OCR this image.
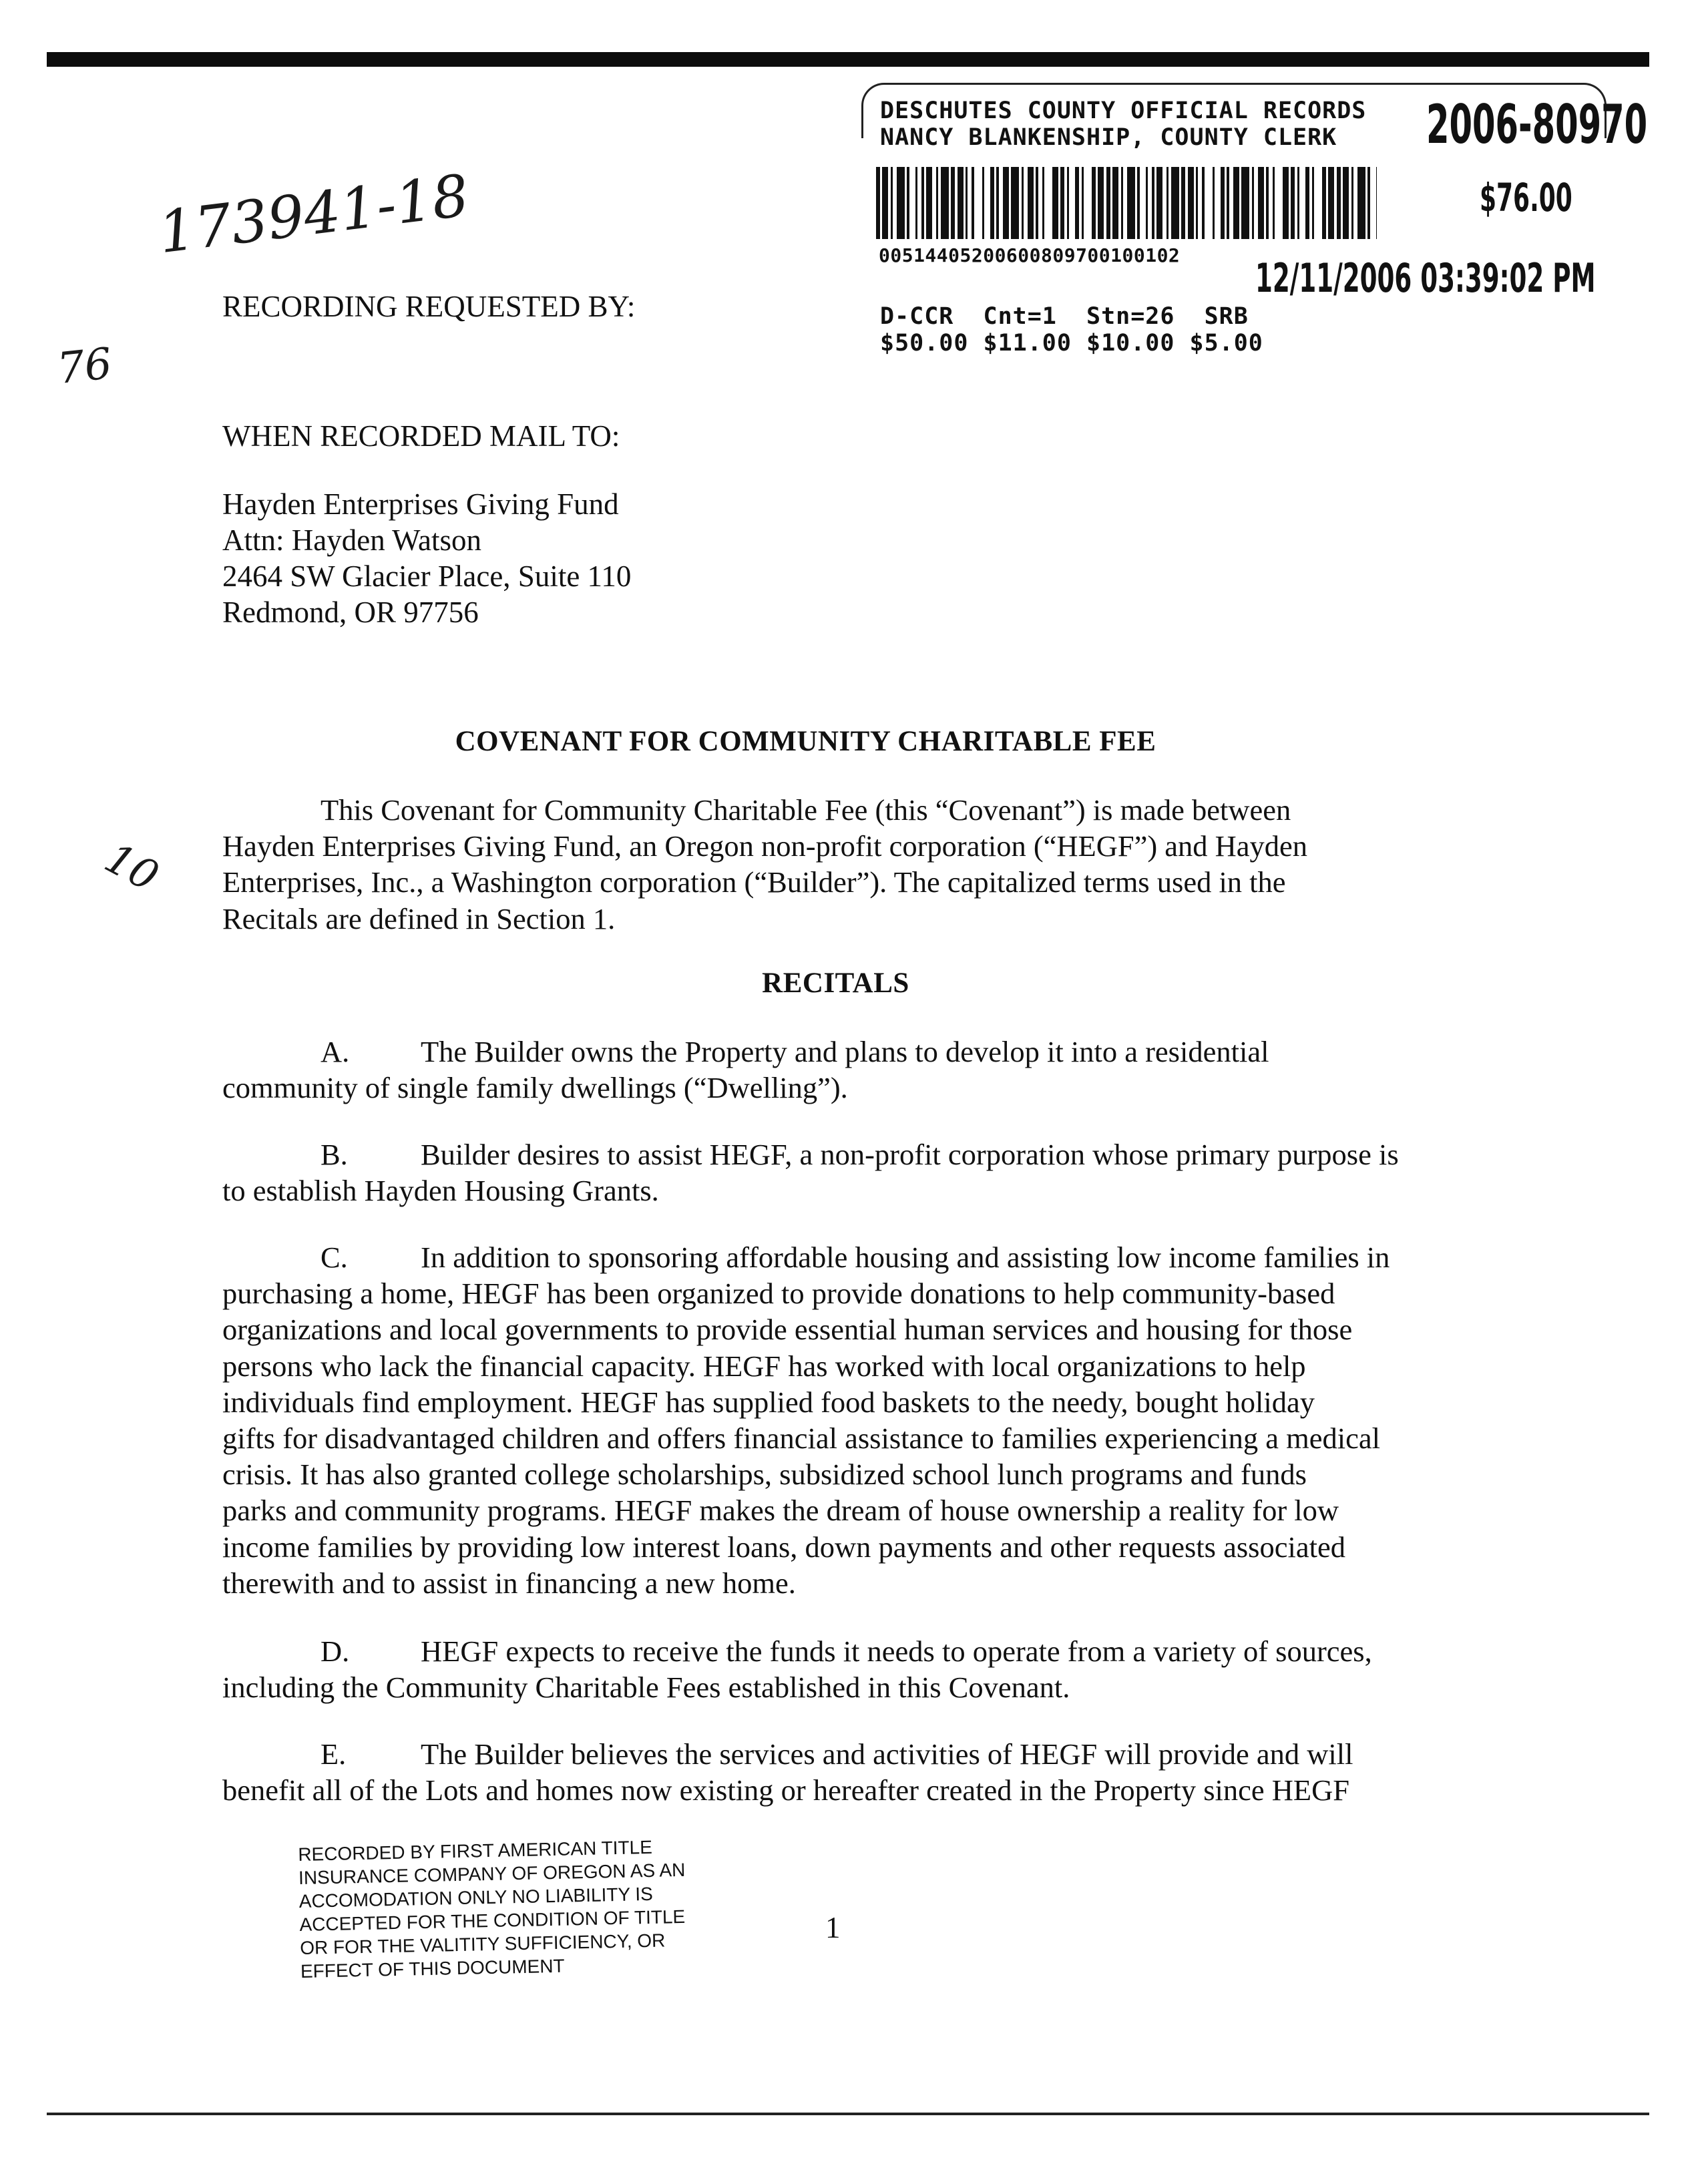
DESCHUTES COUNTY OFFICIAL RECORDS
NANCY BLANKENSHIP, COUNTY CLERK 2006-80970
$76.00
00514405200600809700100102 12/11/2006 03:39:02 PM
D-CCR  Cnt=1  Stn=26  SRB
$50.00 $11.00 $10.00 $5.00
173941-18
76
10
RECORDING REQUESTED BY:
WHEN RECORDED MAIL TO:
Hayden Enterprises Giving Fund
Attn: Hayden Watson
2464 SW Glacier Place, Suite 110
Redmond, OR 97756
COVENANT FOR COMMUNITY CHARITABLE FEE
This Covenant for Community Charitable Fee (this “Covenant”) is made between
Hayden Enterprises Giving Fund, an Oregon non-profit corporation (“HEGF”) and Hayden
Enterprises, Inc., a Washington corporation (“Builder”). The capitalized terms used in the
Recitals are defined in Section 1.
RECITALS
A. The Builder owns the Property and plans to develop it into a residential
community of single family dwellings (“Dwelling”).
B. Builder desires to assist HEGF, a non-profit corporation whose primary purpose is
to establish Hayden Housing Grants.
C. In addition to sponsoring affordable housing and assisting low income families in
purchasing a home, HEGF has been organized to provide donations to help community-based
organizations and local governments to provide essential human services and housing for those
persons who lack the financial capacity. HEGF has worked with local organizations to help
individuals find employment. HEGF has supplied food baskets to the needy, bought holiday
gifts for disadvantaged children and offers financial assistance to families experiencing a medical
crisis. It has also granted college scholarships, subsidized school lunch programs and funds
parks and community programs. HEGF makes the dream of house ownership a reality for low
income families by providing low interest loans, down payments and other requests associated
therewith and to assist in financing a new home.
D. HEGF expects to receive the funds it needs to operate from a variety of sources,
including the Community Charitable Fees established in this Covenant.
E.	The Builder believes the services and activities of HEGF will provide and will
benefit all of the Lots and homes now existing or hereafter created in the Property since HEGF
RECORDED BY FIRST AMERICAN TITLE
INSURANCE COMPANY OF OREGON AS AN
ACCOMODATION ONLY NO LIABILITY IS
ACCEPTED FOR THE CONDITION OF TITLE
OR FOR THE VALITITY SUFFICIENCY, OR
EFFECT OF THIS DOCUMENT
1
